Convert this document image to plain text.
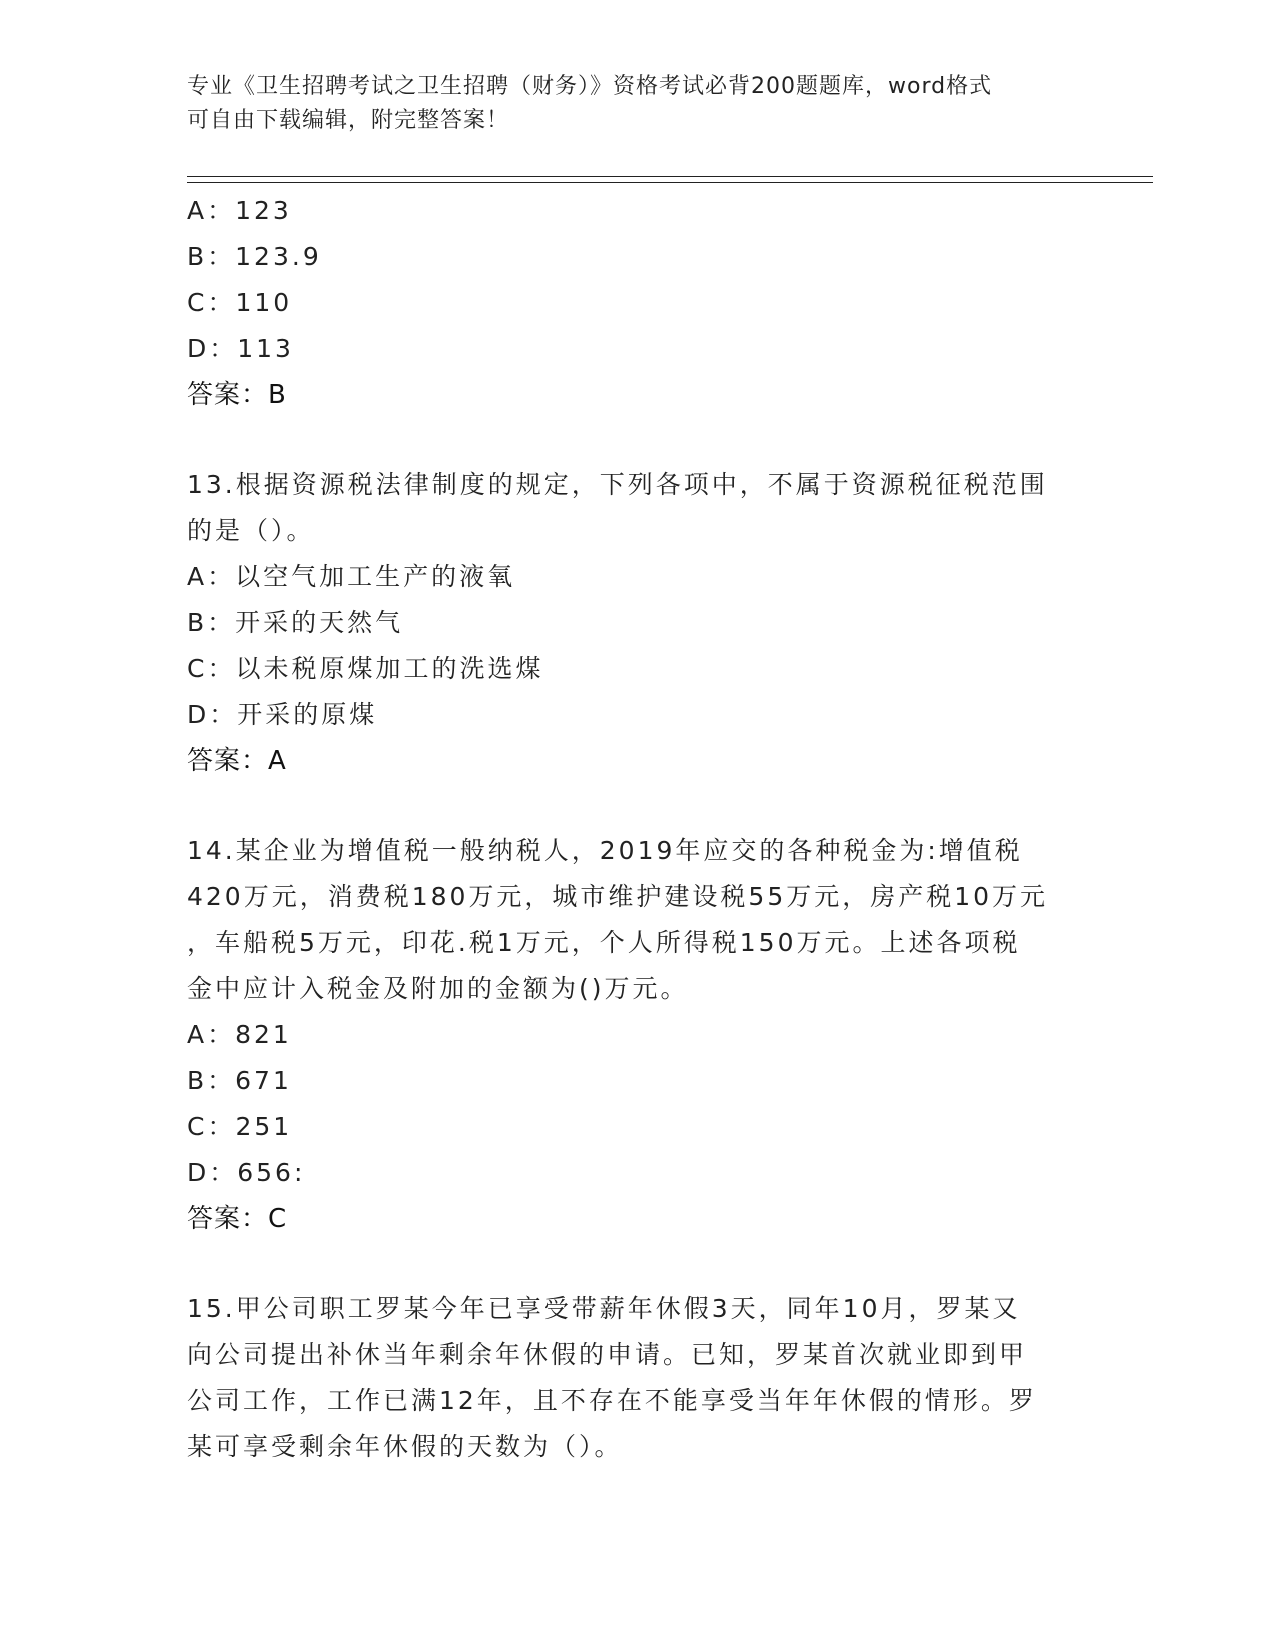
专业《卫生招聘考试之卫生招聘（财务）》资格考试必背200题题库，word格式
可自由下载编辑，附完整答案！
A：123
B：123.9
C：110
D：113
答案：B
13.根据资源税法律制度的规定，下列各项中，不属于资源税征税范围
的是（）。
A：以空气加工生产的液氧
B：开采的天然气
C：以未税原煤加工的洗选煤
D：开采的原煤
答案：A
14.某企业为增值税一般纳税人，2019年应交的各种税金为:增值税
420万元，消费税180万元，城市维护建设税55万元，房产税10万元
，车船税5万元，印花.税1万元，个人所得税150万元。上述各项税
金中应计入税金及附加的金额为()万元。
A：821
B：671
C：251
D：656:
答案：C
15.甲公司职工罗某今年已享受带薪年休假3天，同年10月，罗某又
向公司提出补休当年剩余年休假的申请。已知，罗某首次就业即到甲
公司工作，工作已满12年，且不存在不能享受当年年休假的情形。罗
某可享受剩余年休假的天数为（）。
